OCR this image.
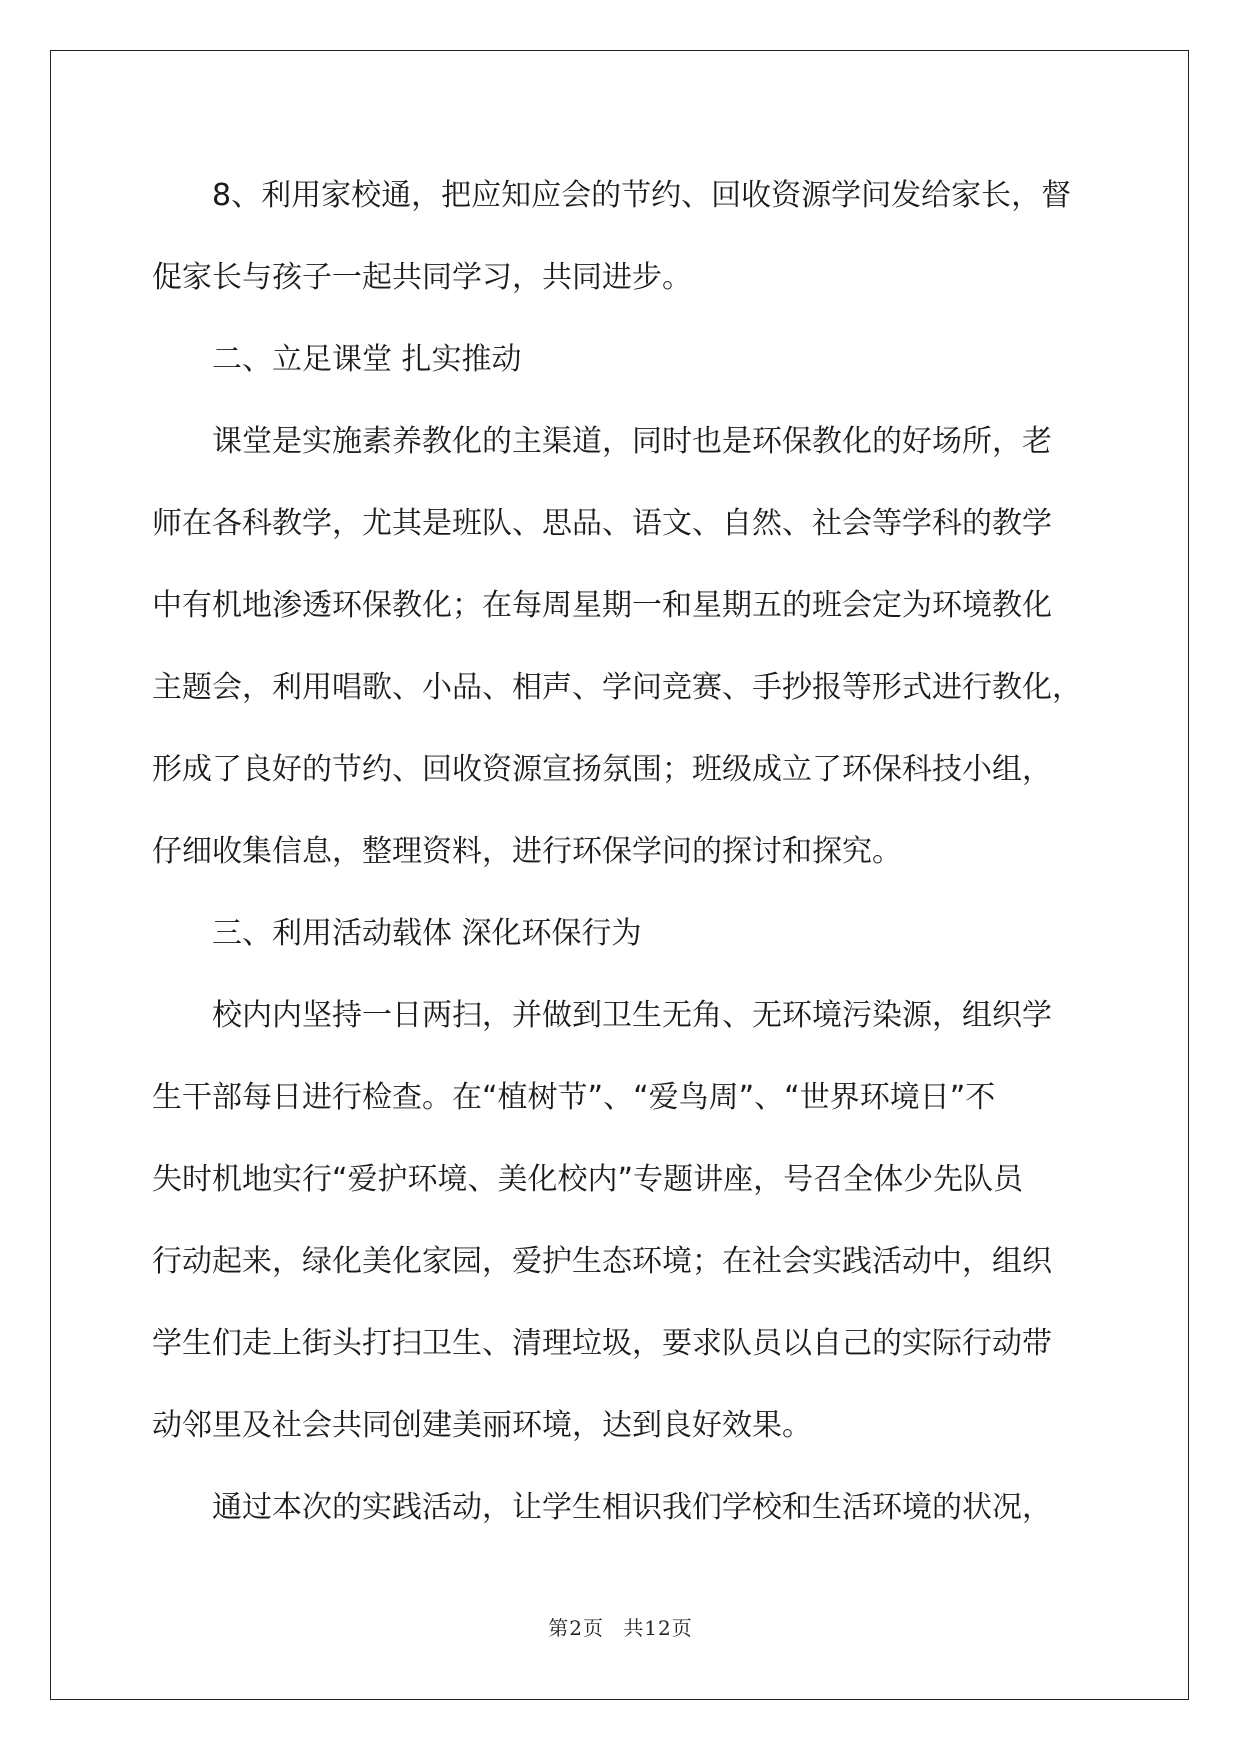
8、利用家校通，把应知应会的节约、回收资源学问发给家长，督
促家长与孩子一起共同学习，共同进步。
二、立足课堂 扎实推动
课堂是实施素养教化的主渠道，同时也是环保教化的好场所，老
师在各科教学，尤其是班队、思品、语文、自然、社会等学科的教学
中有机地渗透环保教化；在每周星期一和星期五的班会定为环境教化
主题会，利用唱歌、小品、相声、学问竞赛、手抄报等形式进行教化，
形成了良好的节约、回收资源宣扬氛围；班级成立了环保科技小组，
仔细收集信息，整理资料，进行环保学问的探讨和探究。
三、利用活动载体 深化环保行为
校内内坚持一日两扫，并做到卫生无角、无环境污染源，组织学
生干部每日进行检查。在“植树节”、“爱鸟周”、“世界环境日”不
失时机地实行“爱护环境、美化校内”专题讲座，号召全体少先队员
行动起来，绿化美化家园，爱护生态环境；在社会实践活动中，组织
学生们走上街头打扫卫生、清理垃圾，要求队员以自己的实际行动带
动邻里及社会共同创建美丽环境，达到良好效果。
通过本次的实践活动，让学生相识我们学校和生活环境的状况，
第2页 共12页
